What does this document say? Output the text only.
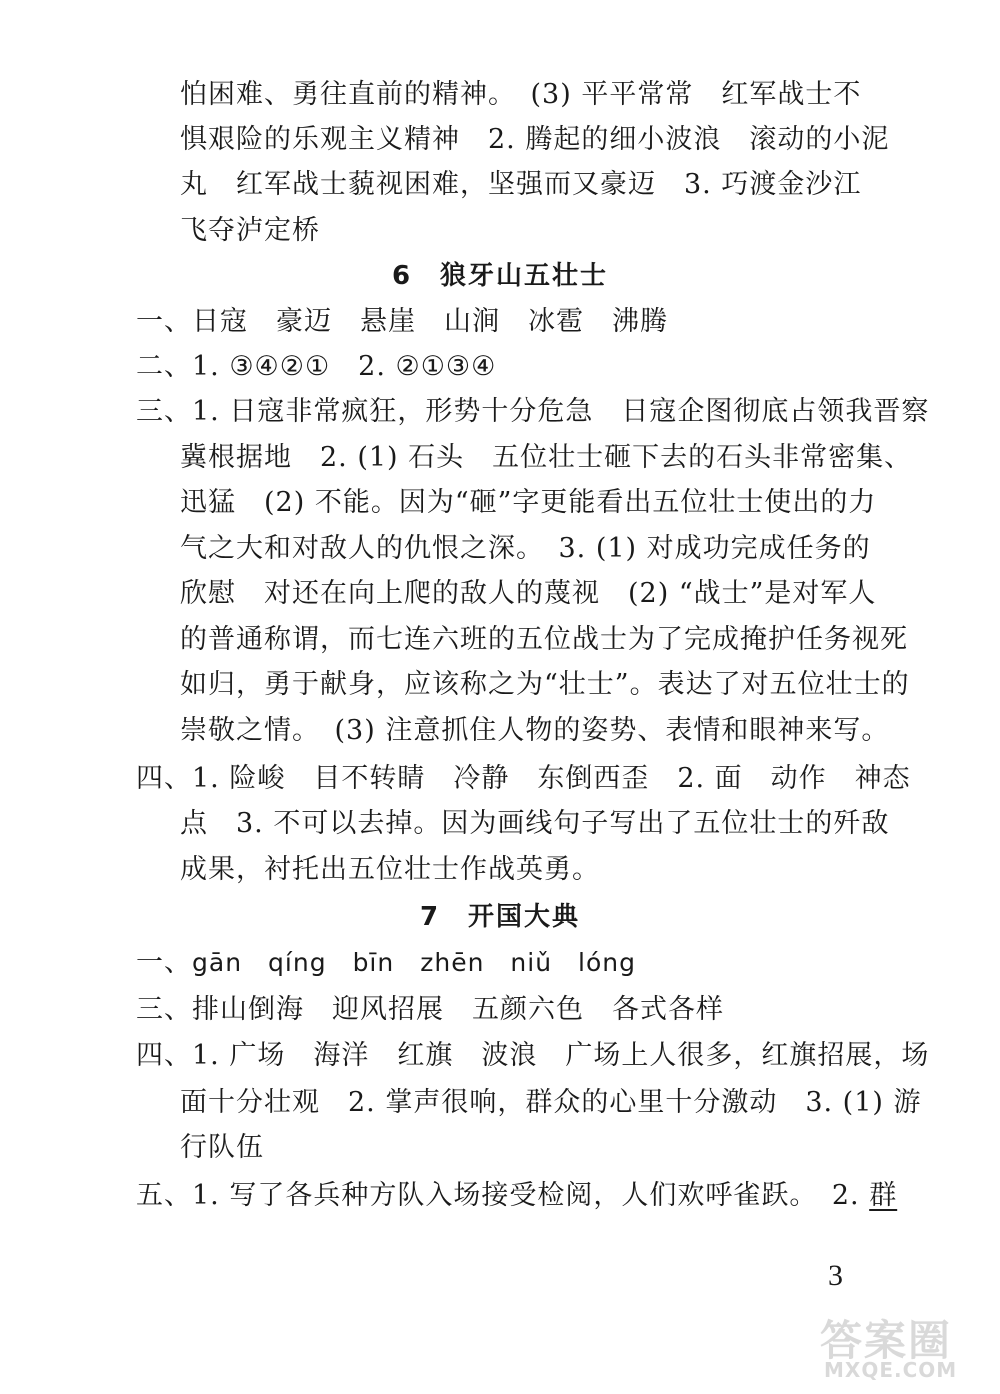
怕困难、勇往直前的精神。　(3) 平平常常　红军战士不
惧艰险的乐观主义精神　2. 腾起的细小波浪　滚动的小泥
丸　红军战士藐视困难，坚强而又豪迈　3. 巧渡金沙江
飞夺泸定桥
6　狼牙山五壮士
一、日寇　豪迈　悬崖　山涧　冰雹　沸腾
二、1. ③④②①　2. ②①③④
三、1. 日寇非常疯狂，形势十分危急　日寇企图彻底占领我晋察
冀根据地　2. (1) 石头　五位壮士砸下去的石头非常密集、
迅猛　(2) 不能。因为“砸”字更能看出五位壮士使出的力
气之大和对敌人的仇恨之深。　3. (1) 对成功完成任务的
欣慰　对还在向上爬的敌人的蔑视　(2) “战士”是对军人
的普通称谓，而七连六班的五位战士为了完成掩护任务视死
如归，勇于献身，应该称之为“壮士”。表达了对五位壮士的
崇敬之情。　(3) 注意抓住人物的姿势、表情和眼神来写。
四、1. 险峻　目不转睛　冷静　东倒西歪　2. 面　动作　神态
点　3. 不可以去掉。因为画线句子写出了五位壮士的歼敌
成果，衬托出五位壮士作战英勇。
7　开国大典
一、gān　qíng　bīn　zhēn　niǔ　lóng
三、排山倒海　迎风招展　五颜六色　各式各样
四、1. 广场　海洋　红旗　波浪　广场上人很多，红旗招展，场
面十分壮观　2. 掌声很响，群众的心里十分激动　3. (1) 游
行队伍
五、1. 写了各兵种方队入场接受检阅，人们欢呼雀跃。　2. 群
3
答案圈
MXQE.COM
